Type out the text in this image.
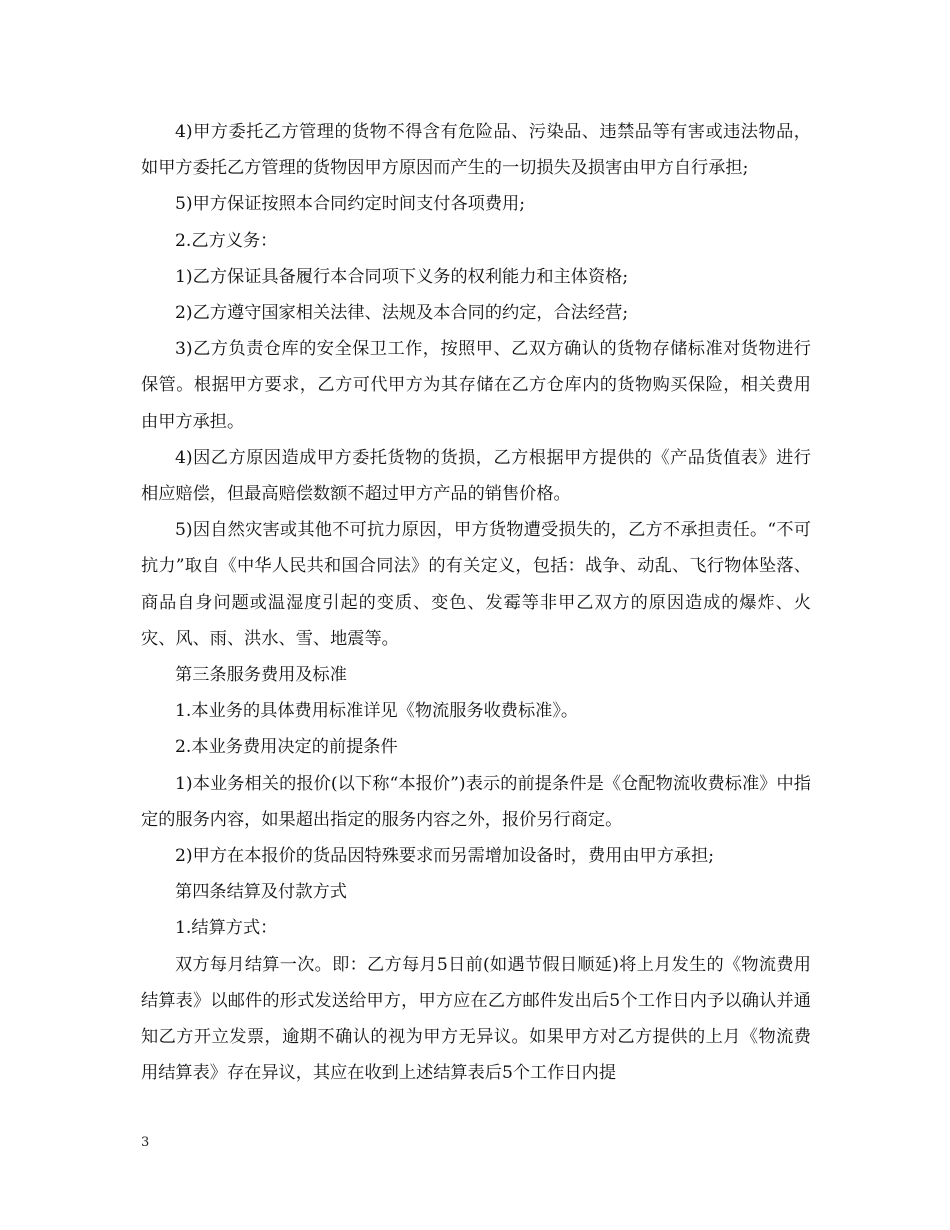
4)甲方委托乙方管理的货物不得含有危险品、污染品、违禁品等有害或违法物品，如甲方委托乙方管理的货物因甲方原因而产生的一切损失及损害由甲方自行承担;

5)甲方保证按照本合同约定时间支付各项费用;

2.乙方义务：

1)乙方保证具备履行本合同项下义务的权利能力和主体资格;

2)乙方遵守国家相关法律、法规及本合同的约定，合法经营;

3)乙方负责仓库的安全保卫工作，按照甲、乙双方确认的货物存储标准对货物进行保管。根据甲方要求，乙方可代甲方为其存储在乙方仓库内的货物购买保险，相关费用由甲方承担。

4)因乙方原因造成甲方委托货物的货损，乙方根据甲方提供的《产品货值表》进行相应赔偿，但最高赔偿数额不超过甲方产品的销售价格。

5)因自然灾害或其他不可抗力原因，甲方货物遭受损失的，乙方不承担责任。“不可抗力”取自《中华人民共和国合同法》的有关定义，包括：战争、动乱、飞行物体坠落、商品自身问题或温湿度引起的变质、变色、发霉等非甲乙双方的原因造成的爆炸、火灾、风、雨、洪水、雪、地震等。

第三条服务费用及标准

1.本业务的具体费用标准详见《物流服务收费标准》。

2.本业务费用决定的前提条件

1)本业务相关的报价(以下称“本报价”)表示的前提条件是《仓配物流收费标准》中指定的服务内容，如果超出指定的服务内容之外，报价另行商定。

2)甲方在本报价的货品因特殊要求而另需增加设备时，费用由甲方承担;

第四条结算及付款方式

1.结算方式：

双方每月结算一次。即：乙方每月5日前(如遇节假日顺延)将上月发生的《物流费用结算表》以邮件的形式发送给甲方，甲方应在乙方邮件发出后5个工作日内予以确认并通知乙方开立发票，逾期不确认的视为甲方无异议。如果甲方对乙方提供的上月《物流费用结算表》存在异议，其应在收到上述结算表后5个工作日内提

3
